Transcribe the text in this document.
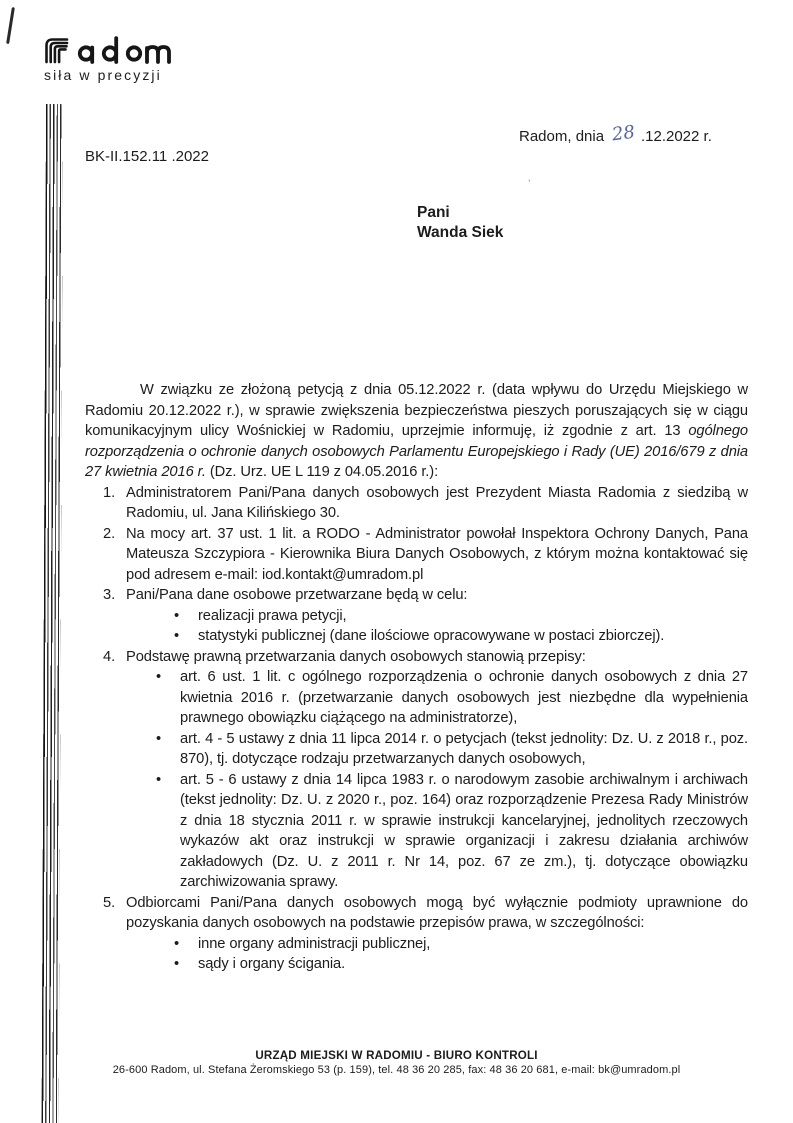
siła w precyzji
Radom, dnia 28 .12.2022 r.
BK-II.152.11 .2022
Pani
Wanda Siek
’

W związku ze złożoną petycją z dnia 05.12.2022 r. (data wpływu do Urzędu Miejskiego w Radomiu 20.12.2022 r.), w sprawie zwiększenia bezpieczeństwa pieszych poruszających się w ciągu komunikacyjnym ulicy Wośnickiej w Radomiu, uprzejmie informuję, iż zgodnie z art. 13 ogólnego rozporządzenia o ochronie danych osobowych Parlamentu Europejskiego i Rady (UE) 2016/679 z dnia 27 kwietnia 2016 r. (Dz. Urz. UE L 119 z 04.05.2016 r.):

1. Administratorem Pani/Pana danych osobowych jest Prezydent Miasta Radomia z siedzibą w Radomiu, ul. Jana Kilińskiego 30.
2. Na mocy art. 37 ust. 1 lit. a RODO - Administrator powołał Inspektora Ochrony Danych, Pana Mateusza Szczypiora - Kierownika Biura Danych Osobowych, z którym można kontaktować się pod adresem e-mail: iod.kontakt@umradom.pl
3. Pani/Pana dane osobowe przetwarzane będą w celu:
•	realizacji prawa petycji,
•	statystyki publicznej (dane ilościowe opracowywane w postaci zbiorczej).
4. Podstawę prawną przetwarzania danych osobowych stanowią przepisy:
•	art. 6 ust. 1 lit. c ogólnego rozporządzenia o ochronie danych osobowych z dnia 27 kwietnia 2016 r. (przetwarzanie danych osobowych jest niezbędne dla wypełnienia prawnego obowiązku ciążącego na administratorze),
•	art. 4 - 5 ustawy z dnia 11 lipca 2014 r. o petycjach (tekst jednolity: Dz. U. z 2018 r., poz. 870), tj. dotyczące rodzaju przetwarzanych danych osobowych,
•	art. 5 - 6 ustawy z dnia 14 lipca 1983 r. o narodowym zasobie archiwalnym i archiwach (tekst jednolity: Dz. U. z 2020 r., poz. 164) oraz rozporządzenie Prezesa Rady Ministrów z dnia 18 stycznia 2011 r. w sprawie instrukcji kancelaryjnej, jednolitych rzeczowych wykazów akt oraz instrukcji w sprawie organizacji i zakresu działania archiwów zakładowych (Dz. U. z 2011 r. Nr 14, poz. 67 ze zm.), tj. dotyczące obowiązku zarchiwizowania sprawy.
5. Odbiorcami Pani/Pana danych osobowych mogą być wyłącznie podmioty uprawnione do pozyskania danych osobowych na podstawie przepisów prawa, w szczególności:
•	inne organy administracji publicznej,
•	sądy i organy ścigania.
URZĄD MIEJSKI W RADOMIU - BIURO KONTROLI
26-600 Radom, ul. Stefana Żeromskiego 53 (p. 159), tel. 48 36 20 285, fax: 48 36 20 681, e-mail: bk@umradom.pl
